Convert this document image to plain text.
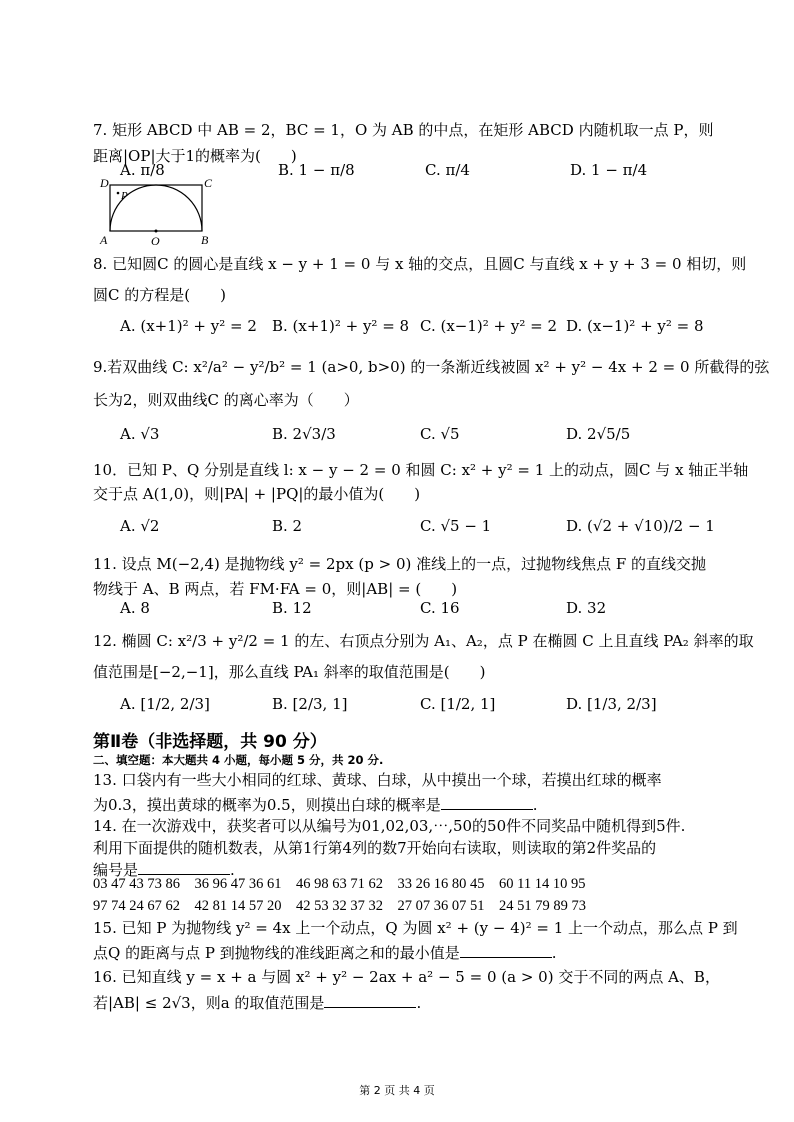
7. 矩形 ABCD 中 AB = 2，BC = 1，O 为 AB 的中点，在矩形 ABCD 内随机取一点 P，则
距离|OP|大于1的概率为(　　)
A. π/8	B. 1 − π/8	C. π/4	D. 1 − π/4
D	C
P
A	O	B
8. 已知圆C 的圆心是直线 x − y + 1 = 0 与 x 轴的交点，且圆C 与直线 x + y + 3 = 0 相切，则
圆C 的方程是(　　)
A. (x+1)² + y² = 2 B. (x+1)² + y² = 8 C. (x−1)² + y² = 2 D. (x−1)² + y² = 8
9.若双曲线 C: x²/a² − y²/b² = 1 (a>0, b>0) 的一条渐近线被圆 x² + y² − 4x + 2 = 0 所截得的弦
长为2，则双曲线C 的离心率为（　　）
A. √3	B. 2√3/3	C. √5	D. 2√5/5
10．已知 P、Q 分别是直线 l: x − y − 2 = 0 和圆 C: x² + y² = 1 上的动点，圆C 与 x 轴正半轴
交于点 A(1,0)，则|PA| + |PQ|的最小值为(　　)
A. √2	B. 2	C. √5 − 1	D. (√2 + √10)/2 − 1
11. 设点 M(−2,4) 是抛物线 y² = 2px (p > 0) 准线上的一点，过抛物线焦点 F 的直线交抛
物线于 A、B 两点，若 FM·FA = 0，则|AB| = (　　)
A. 8	B. 12	C. 16	D. 32
12. 椭圆 C: x²/3 + y²/2 = 1 的左、右顶点分别为 A₁、A₂，点 P 在椭圆 C 上且直线 PA₂ 斜率的取
值范围是[−2,−1]，那么直线 PA₁ 斜率的取值范围是(　　)
A. [1/2, 2/3]	B. [2/3, 1]	C. [1/2, 1]	D. [1/3, 2/3]
第Ⅱ卷（非选择题，共 90 分）
二、填空题：本大题共 4 小题，每小题 5 分，共 20 分.
13. 口袋内有一些大小相同的红球、黄球、白球，从中摸出一个球，若摸出红球的概率
为0.3，摸出黄球的概率为0.5，则摸出白球的概率是	.
14. 在一次游戏中，获奖者可以从编号为01,02,03,⋯,50的50件不同奖品中随机得到5件.
利用下面提供的随机数表，从第1行第4列的数7开始向右读取，则读取的第2件奖品的
编号是	.
03 47 43 73 86　36 96 47 36 61　46 98 63 71 62　33 26 16 80 45　60 11 14 10 95
97 74 24 67 62　42 81 14 57 20　42 53 32 37 32　27 07 36 07 51　24 51 79 89 73
15. 已知 P 为抛物线 y² = 4x 上一个动点，Q 为圆 x² + (y − 4)² = 1 上一个动点，那么点 P 到
点Q 的距离与点 P 到抛物线的准线距离之和的最小值是	.
16. 已知直线 y = x + a 与圆 x² + y² − 2ax + a² − 5 = 0 (a > 0) 交于不同的两点 A、B，
若|AB| ≤ 2√3，则a 的取值范围是	.
第 2 页 共 4 页
